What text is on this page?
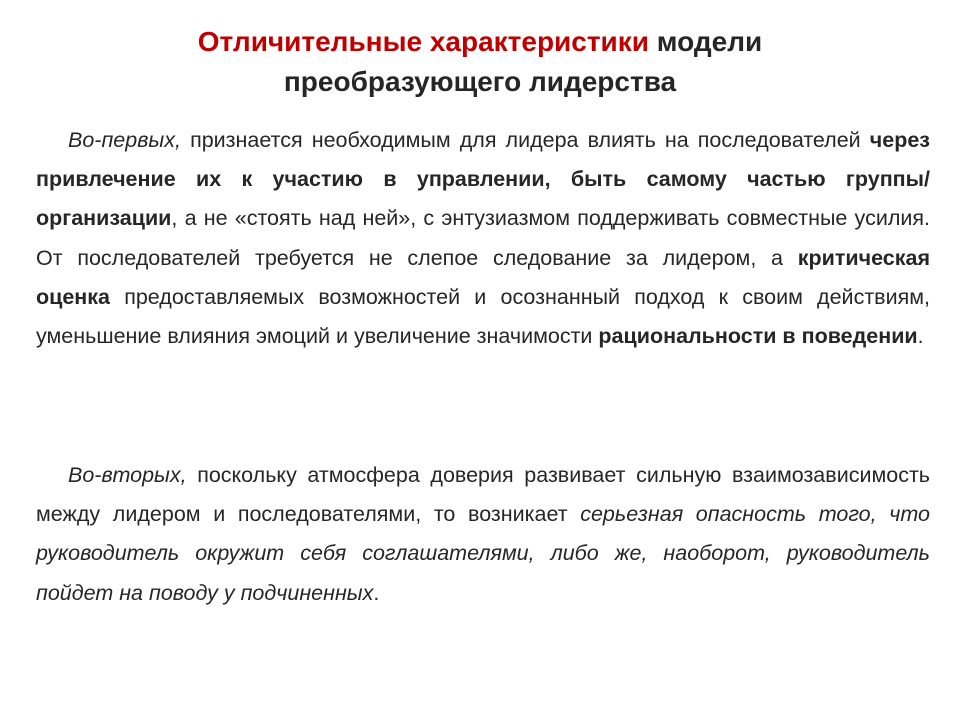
Отличительные характеристики модели
преобразующего лидерства

Во-первых, признается необходимым для лидера влиять на последователей через привлечение их к участию в управлении, быть самому частью группы/организации, а не «стоять над ней», с энтузиазмом поддерживать совместные усилия. От последователей требуется не слепое следование за лидером, а критическая оценка предоставляемых возможностей и осознанный подход к своим действиям, уменьшение влияния эмоций и увеличение значимости рациональности в поведении.

Во-вторых, поскольку атмосфера доверия развивает сильную взаимозависимость между лидером и последователями, то возникает серьезная опасность того, что руководитель окружит себя соглашателями, либо же, наоборот, руководитель пойдет на поводу у подчиненных.
